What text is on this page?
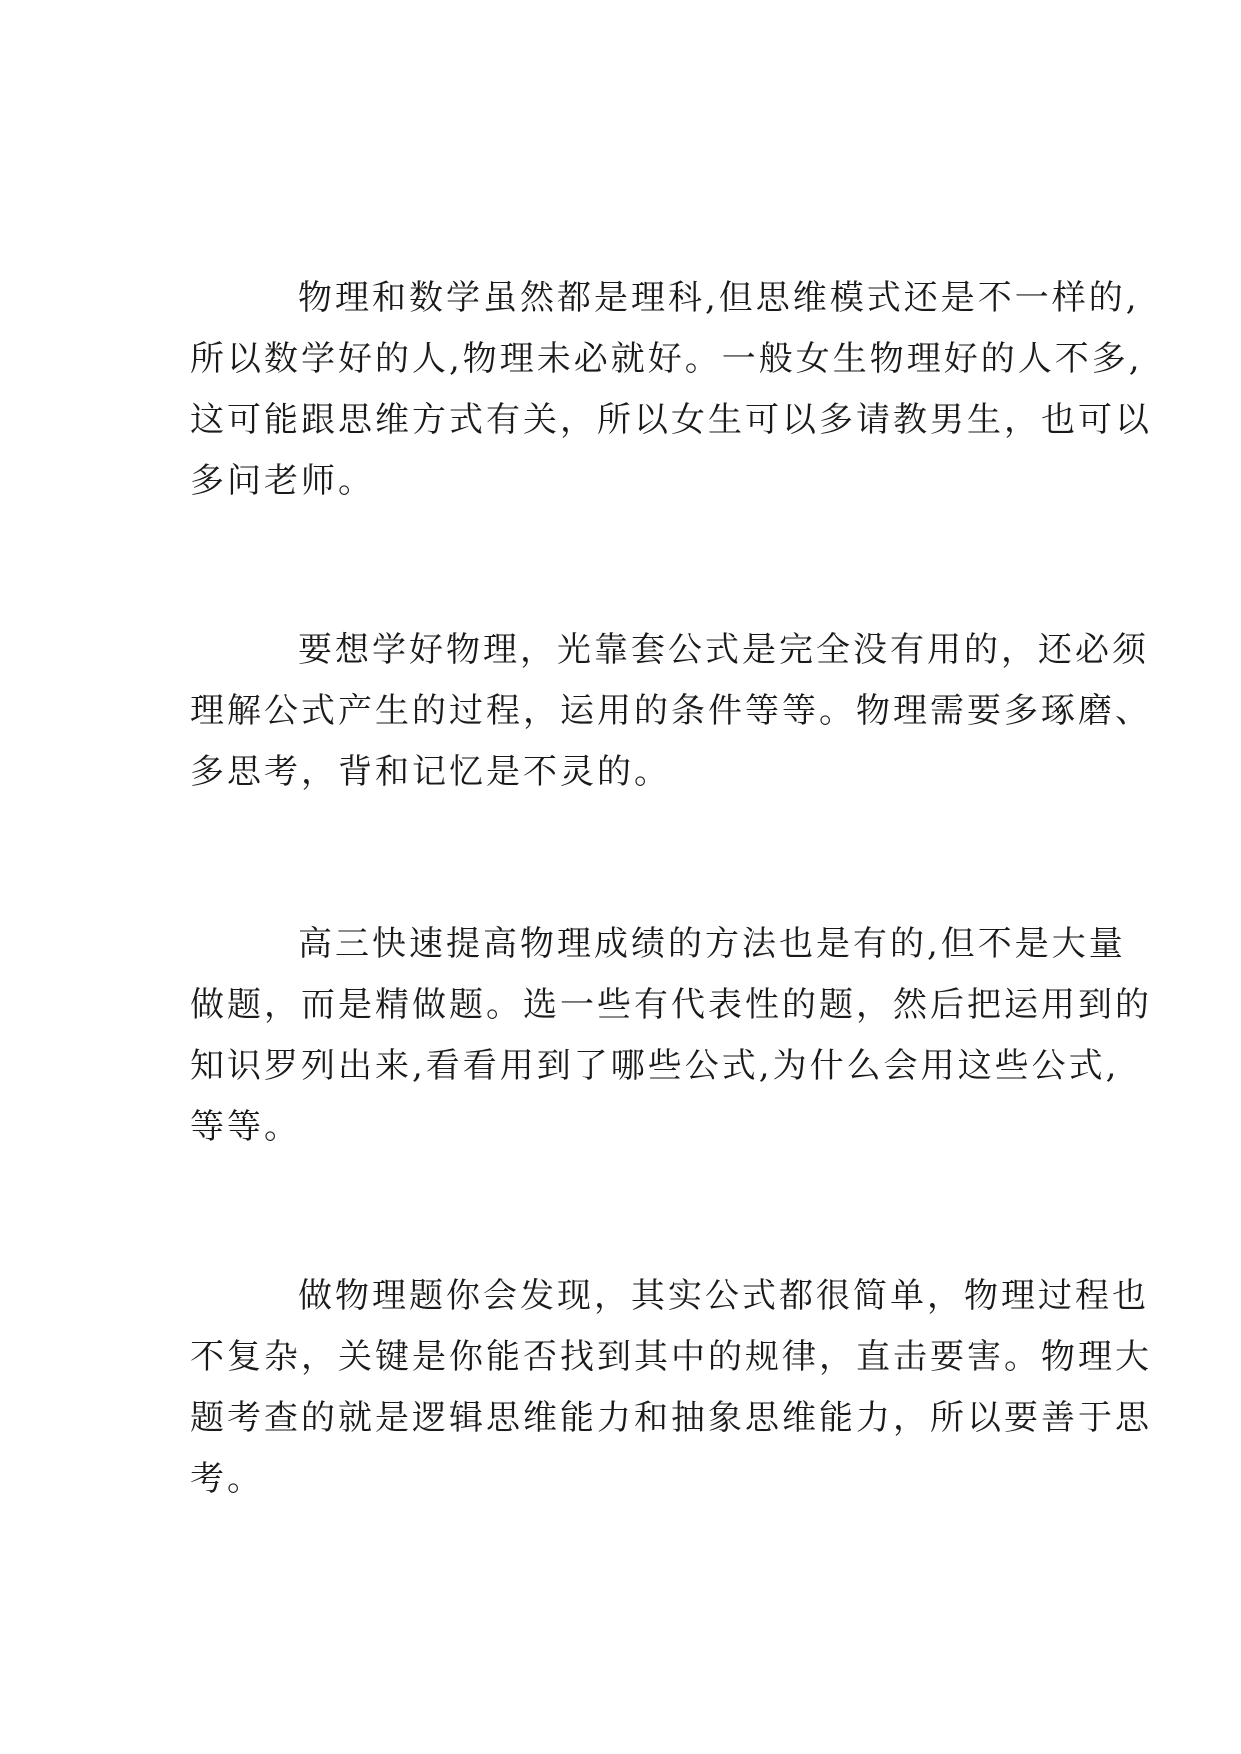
物理和数学虽然都是理科,但思维模式还是不一样的,
所以数学好的人,物理未必就好。一般女生物理好的人不多,
这可能跟思维方式有关，所以女生可以多请教男生，也可以
多问老师。
要想学好物理，光靠套公式是完全没有用的，还必须
理解公式产生的过程，运用的条件等等。物理需要多琢磨、
多思考，背和记忆是不灵的。
高三快速提高物理成绩的方法也是有的,但不是大量
做题，而是精做题。选一些有代表性的题，然后把运用到的
知识罗列出来,看看用到了哪些公式,为什么会用这些公式,
等等。
做物理题你会发现，其实公式都很简单，物理过程也
不复杂，关键是你能否找到其中的规律，直击要害。物理大
题考查的就是逻辑思维能力和抽象思维能力，所以要善于思
考。
